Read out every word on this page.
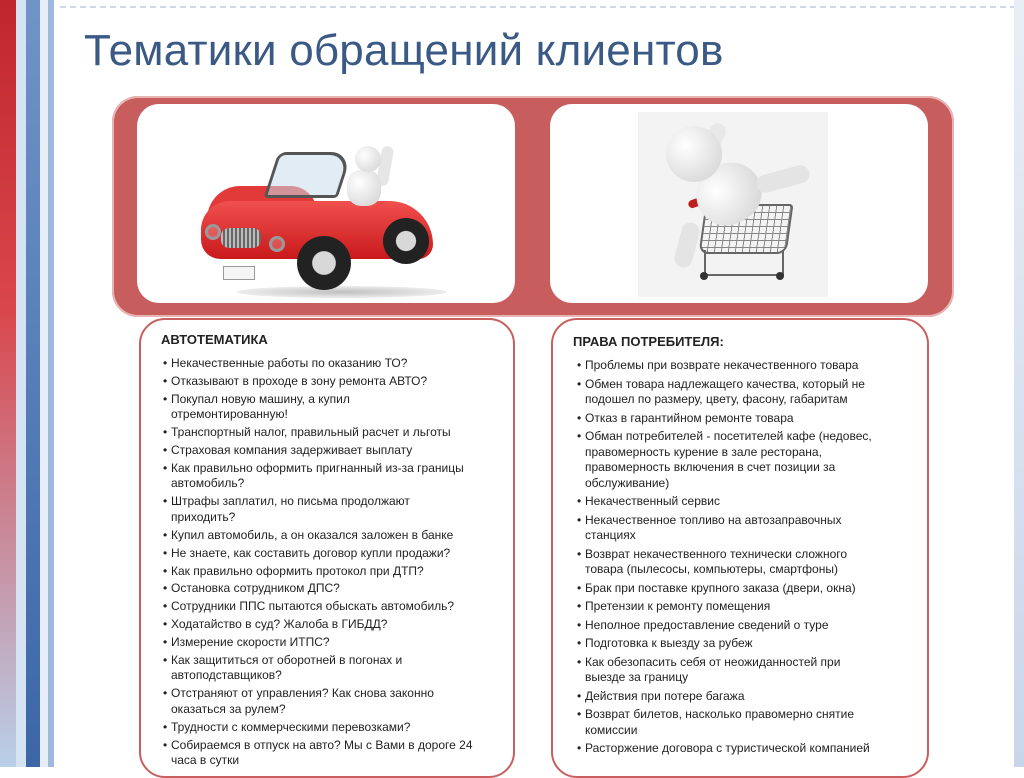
Тематики обращений клиентов
АВТОТЕМАТИКА
• Некачественные работы по оказанию ТО?
• Отказывают в проходе в зону ремонта АВТО?
• Покупал новую машину, а купил
отремонтированную!
• Транспортный налог, правильный расчет и льготы
• Страховая компания задерживает выплату
• Как правильно оформить пригнанный из-за границы
автомобиль?
• Штрафы заплатил, но письма продолжают
приходить?
• Купил автомобиль, а он оказался заложен в банке
• Не знаете, как составить договор купли продажи?
• Как правильно оформить протокол при ДТП?
• Остановка сотрудником ДПС?
• Сотрудники ППС пытаются обыскать автомобиль?
• Ходатайство в суд? Жалоба в ГИБДД?
• Измерение скорости ИТПС?
• Как защититься от оборотней в погонах и
автоподставщиков?
• Отстраняют от управления? Как снова законно
оказаться за рулем?
• Трудности с коммерческими перевозками?
• Собираемся в отпуск на авто? Мы с Вами в дороге 24
часа в сутки
ПРАВА ПОТРЕБИТЕЛЯ:
• Проблемы при возврате некачественного товара
• Обмен товара надлежащего качества, который не
подошел по размеру, цвету, фасону, габаритам
• Отказ в гарантийном ремонте товара
• Обман потребителей - посетителей кафе (недовес,
правомерность курение в зале ресторана,
правомерность включения в счет позиции за
обслуживание)
• Некачественный сервис
• Некачественное топливо на автозаправочных
станциях
• Возврат некачественного технически сложного
товара (пылесосы, компьютеры, смартфоны)
• Брак при поставке крупного заказа (двери, окна)
• Претензии к ремонту помещения
• Неполное предоставление сведений о туре
• Подготовка к выезду за рубеж
• Как обезопасить себя от неожиданностей при
выезде за границу
• Действия при потере багажа
• Возврат билетов, насколько правомерно снятие
комиссии
• Расторжение договора с туристической компанией
